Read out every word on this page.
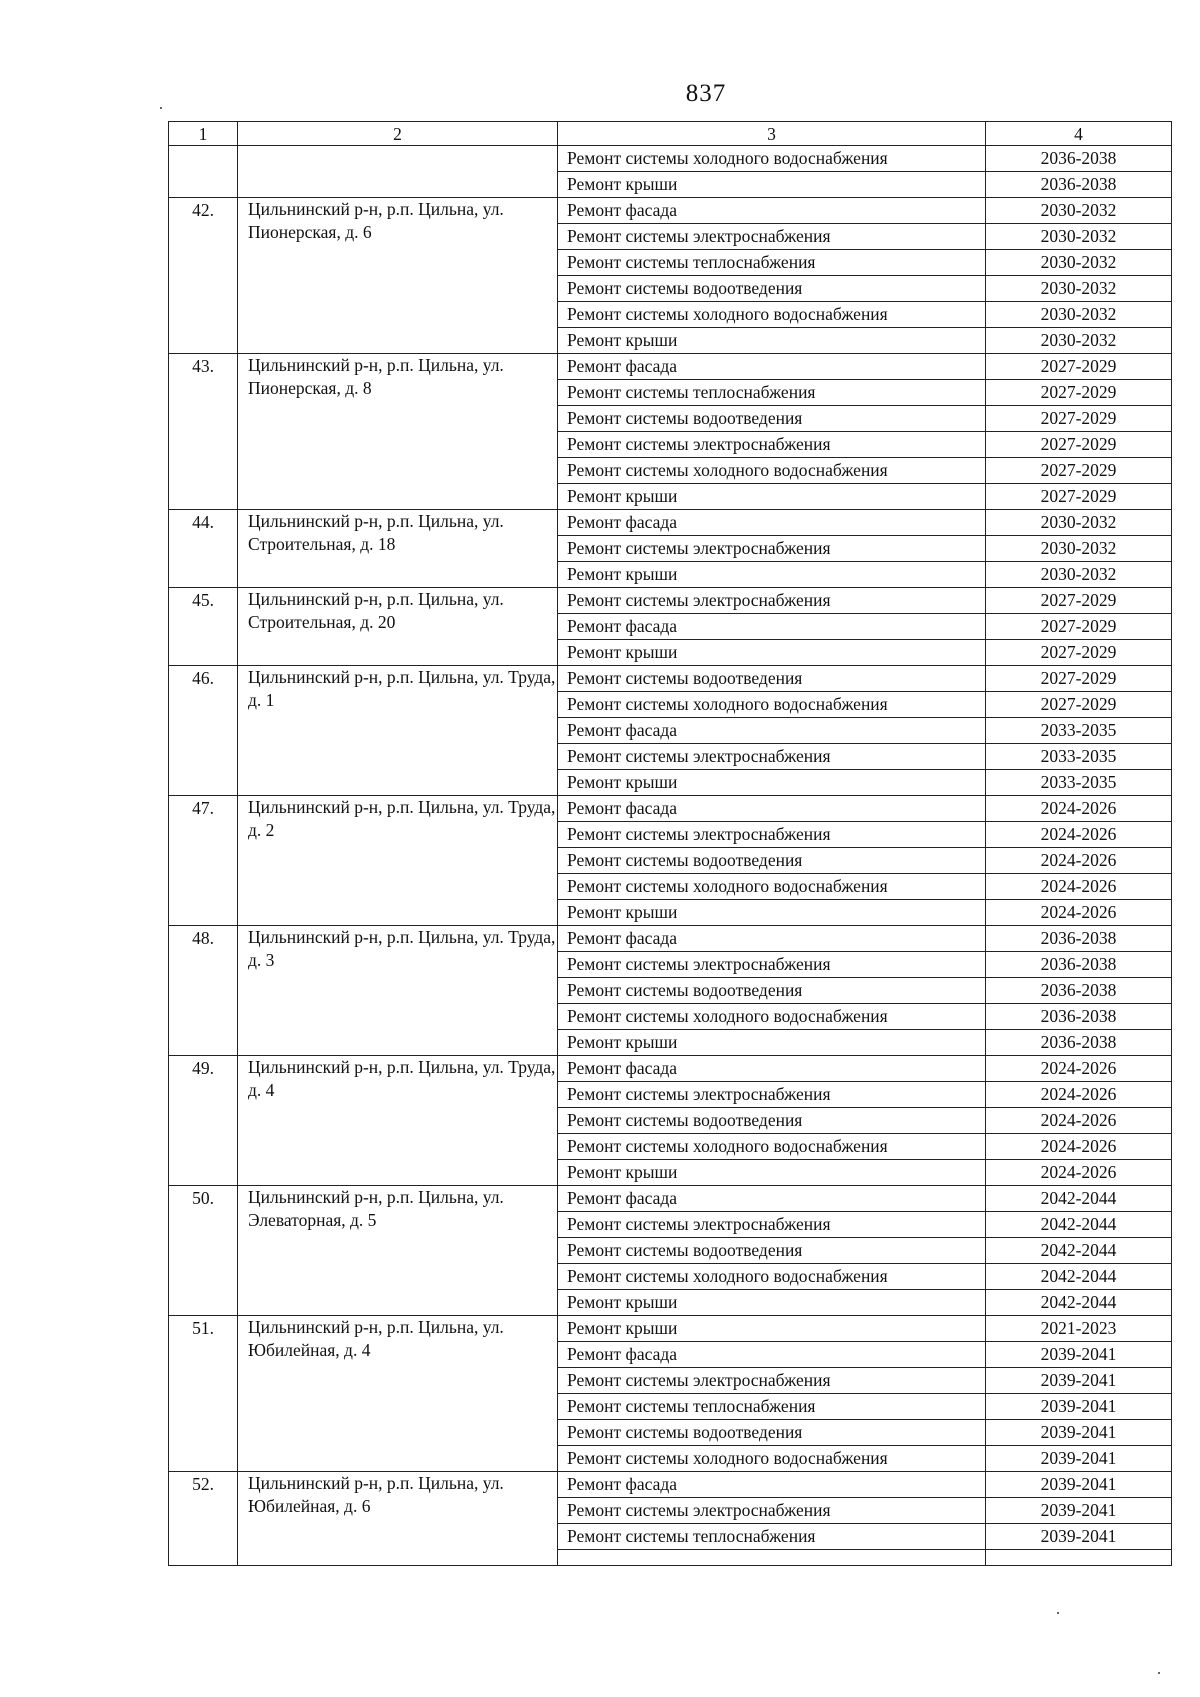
837
1	2	3	4
		Ремонт системы холодного водоснабжения	2036-2038
		Ремонт крыши	2036-2038
42.	Цильнинский р-н, р.п. Цильна, ул. Пионерская, д. 6	Ремонт фасада	2030-2032
		Ремонт системы электроснабжения	2030-2032
		Ремонт системы теплоснабжения	2030-2032
		Ремонт системы водоотведения	2030-2032
		Ремонт системы холодного водоснабжения	2030-2032
		Ремонт крыши	2030-2032
43.	Цильнинский р-н, р.п. Цильна, ул. Пионерская, д. 8	Ремонт фасада	2027-2029
		Ремонт системы теплоснабжения	2027-2029
		Ремонт системы водоотведения	2027-2029
		Ремонт системы электроснабжения	2027-2029
		Ремонт системы холодного водоснабжения	2027-2029
		Ремонт крыши	2027-2029
44.	Цильнинский р-н, р.п. Цильна, ул. Строительная, д. 18	Ремонт фасада	2030-2032
		Ремонт системы электроснабжения	2030-2032
		Ремонт крыши	2030-2032
45.	Цильнинский р-н, р.п. Цильна, ул. Строительная, д. 20	Ремонт системы электроснабжения	2027-2029
		Ремонт фасада	2027-2029
		Ремонт крыши	2027-2029
46.	Цильнинский р-н, р.п. Цильна, ул. Труда, д. 1	Ремонт системы водоотведения	2027-2029
		Ремонт системы холодного водоснабжения	2027-2029
		Ремонт фасада	2033-2035
		Ремонт системы электроснабжения	2033-2035
		Ремонт крыши	2033-2035
47.	Цильнинский р-н, р.п. Цильна, ул. Труда, д. 2	Ремонт фасада	2024-2026
		Ремонт системы электроснабжения	2024-2026
		Ремонт системы водоотведения	2024-2026
		Ремонт системы холодного водоснабжения	2024-2026
		Ремонт крыши	2024-2026
48.	Цильнинский р-н, р.п. Цильна, ул. Труда, д. 3	Ремонт фасада	2036-2038
		Ремонт системы электроснабжения	2036-2038
		Ремонт системы водоотведения	2036-2038
		Ремонт системы холодного водоснабжения	2036-2038
		Ремонт крыши	2036-2038
49.	Цильнинский р-н, р.п. Цильна, ул. Труда, д. 4	Ремонт фасада	2024-2026
		Ремонт системы электроснабжения	2024-2026
		Ремонт системы водоотведения	2024-2026
		Ремонт системы холодного водоснабжения	2024-2026
		Ремонт крыши	2024-2026
50.	Цильнинский р-н, р.п. Цильна, ул. Элеваторная, д. 5	Ремонт фасада	2042-2044
		Ремонт системы электроснабжения	2042-2044
		Ремонт системы водоотведения	2042-2044
		Ремонт системы холодного водоснабжения	2042-2044
		Ремонт крыши	2042-2044
51.	Цильнинский р-н, р.п. Цильна, ул. Юбилейная, д. 4	Ремонт крыши	2021-2023
		Ремонт фасада	2039-2041
		Ремонт системы электроснабжения	2039-2041
		Ремонт системы теплоснабжения	2039-2041
		Ремонт системы водоотведения	2039-2041
		Ремонт системы холодного водоснабжения	2039-2041
52.	Цильнинский р-н, р.п. Цильна, ул. Юбилейная, д. 6	Ремонт фасада	2039-2041
		Ремонт системы электроснабжения	2039-2041
		Ремонт системы теплоснабжения	2039-2041
